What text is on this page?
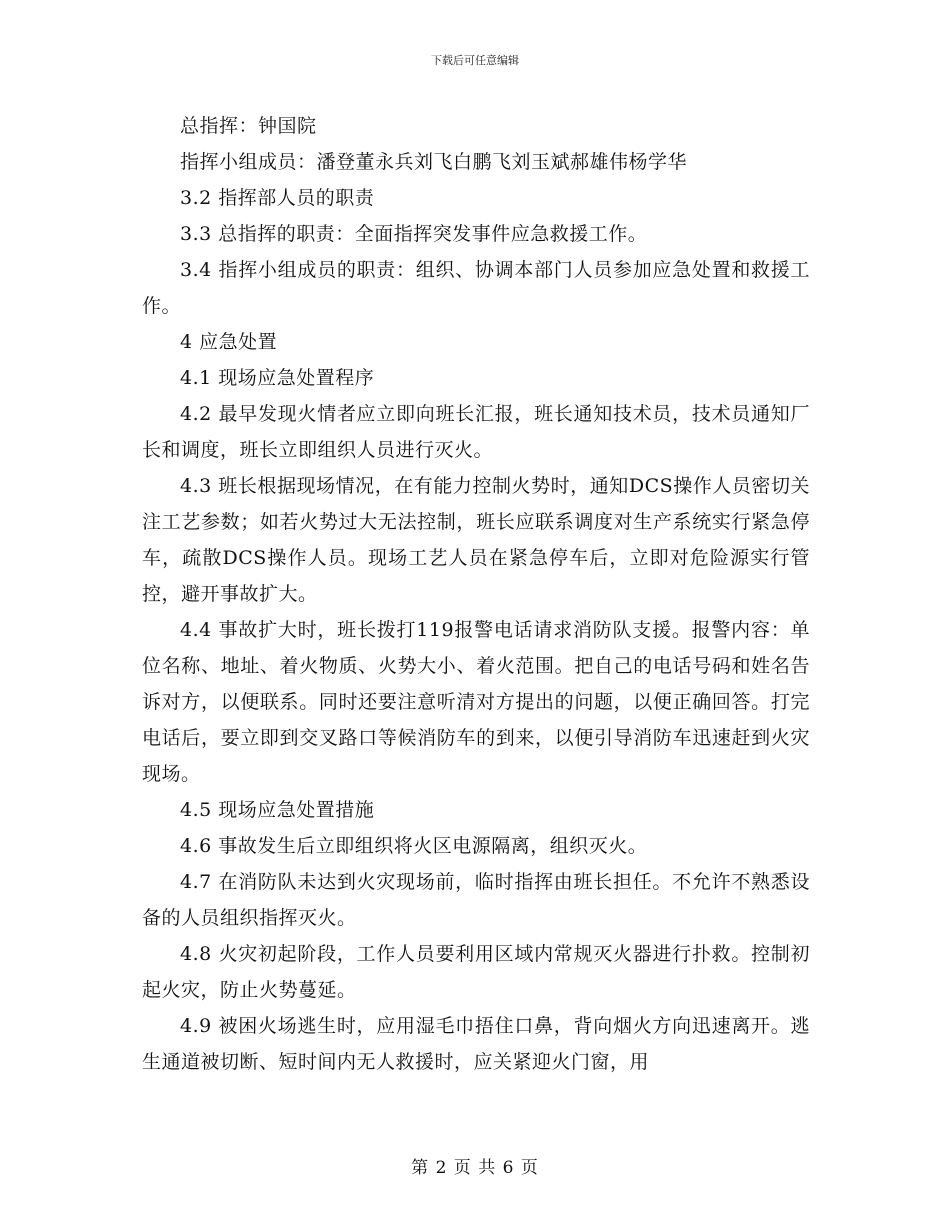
下载后可任意编辑

总指挥：钟国院

指挥小组成员：潘登董永兵刘飞白鹏飞刘玉斌郝雄伟杨学华

3.2 指挥部人员的职责

3.3 总指挥的职责：全面指挥突发事件应急救援工作。

3.4 指挥小组成员的职责：组织、协调本部门人员参加应急处置和救援工作。

4 应急处置

4.1 现场应急处置程序

4.2 最早发现火情者应立即向班长汇报，班长通知技术员，技术员通知厂长和调度，班长立即组织人员进行灭火。

4.3 班长根据现场情况，在有能力控制火势时，通知DCS操作人员密切关注工艺参数；如若火势过大无法控制，班长应联系调度对生产系统实行紧急停车，疏散DCS操作人员。现场工艺人员在紧急停车后，立即对危险源实行管控，避开事故扩大。

4.4 事故扩大时，班长拨打119报警电话请求消防队支援。报警内容：单位名称、地址、着火物质、火势大小、着火范围。把自己的电话号码和姓名告诉对方，以便联系。同时还要注意听清对方提出的问题，以便正确回答。打完电话后，要立即到交叉路口等候消防车的到来，以便引导消防车迅速赶到火灾现场。

4.5 现场应急处置措施

4.6 事故发生后立即组织将火区电源隔离，组织灭火。

4.7 在消防队未达到火灾现场前，临时指挥由班长担任。不允许不熟悉设备的人员组织指挥灭火。

4.8 火灾初起阶段，工作人员要利用区域内常规灭火器进行扑救。控制初起火灾，防止火势蔓延。

4.9 被困火场逃生时，应用湿毛巾捂住口鼻，背向烟火方向迅速离开。逃生通道被切断、短时间内无人救援时，应关紧迎火门窗，用

第 2 页 共 6 页
